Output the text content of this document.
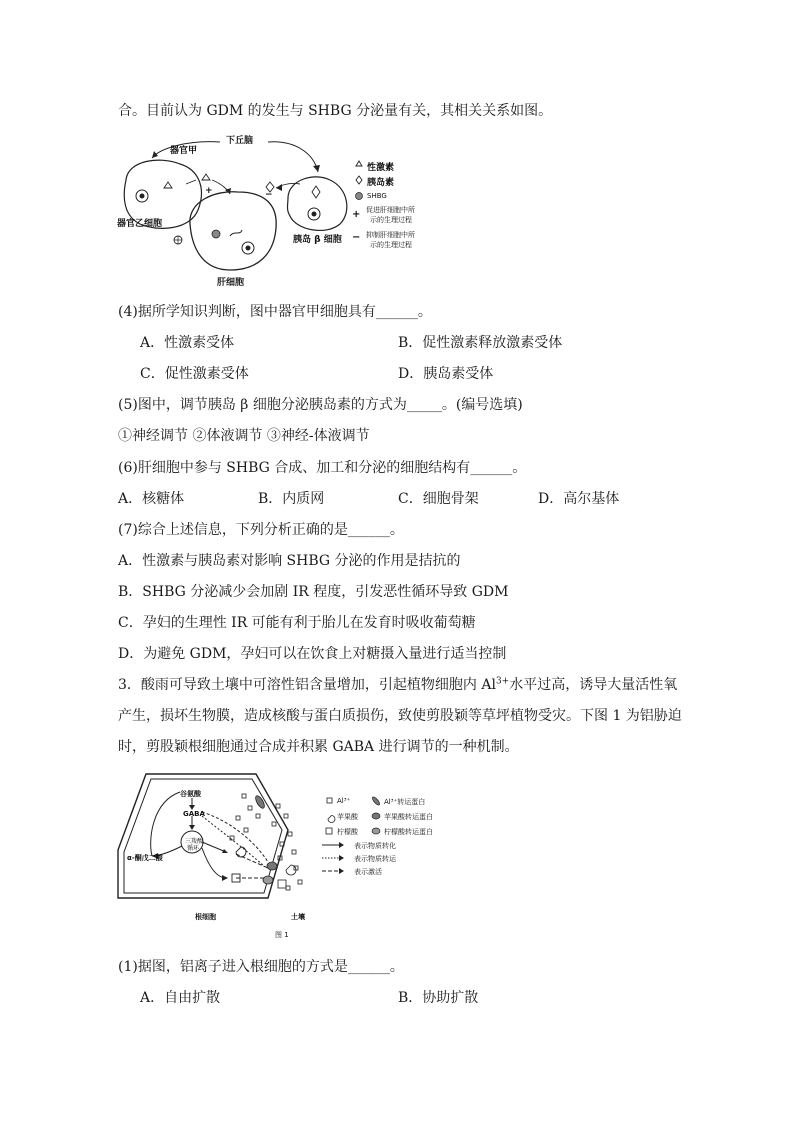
合。目前认为 GDM 的发生与 SHBG 分泌量有关，其相关关系如图。
器官甲
下丘脑
器官乙细胞
肝细胞
胰岛 β 细胞
+	−
性激素
胰岛素
SHBG
+ 促进肝细胞中所
示的生理过程
− 抑制肝细胞中所
示的生理过程
(4)据所学知识判断，图中器官甲细胞具有______。
A．性激素受体	B．促性激素释放激素受体
C．促性激素受体	D．胰岛素受体
(5)图中，调节胰岛 β 细胞分泌胰岛素的方式为_____。(编号选填)
①神经调节 ②体液调节 ③神经-体液调节
(6)肝细胞中参与 SHBG 合成、加工和分泌的细胞结构有______。
A．核糖体	B．内质网	C．细胞骨架	D．高尔基体
(7)综合上述信息，下列分析正确的是______。
A．性激素与胰岛素对影响 SHBG 分泌的作用是拮抗的
B．SHBG 分泌减少会加剧 IR 程度，引发恶性循环导致 GDM
C．孕妇的生理性 IR 可能有利于胎儿在发育时吸收葡萄糖
D．为避免 GDM，孕妇可以在饮食上对糖摄入量进行适当控制
3．酸雨可导致土壤中可溶性铝含量增加，引起植物细胞内 $Al^{3+}$水平过高，诱导大量活性氧
产生，损坏生物膜，造成核酸与蛋白质损伤，致使剪股颖等草坪植物受灾。下图 1 为铝胁迫
时，剪股颖根细胞通过合成并积累 GABA 进行调节的一种机制。
谷氨酸
GABA
三羧酸
循环
α-酮戊二酸
根细胞	土壤
图 1
Al³⁺	Al³⁺转运蛋白
苹果酸	苹果酸转运蛋白
柠檬酸	柠檬酸转运蛋白
表示物质转化
表示物质转运
表示激活
(1)据图，铝离子进入根细胞的方式是______。
A．自由扩散	B．协助扩散
